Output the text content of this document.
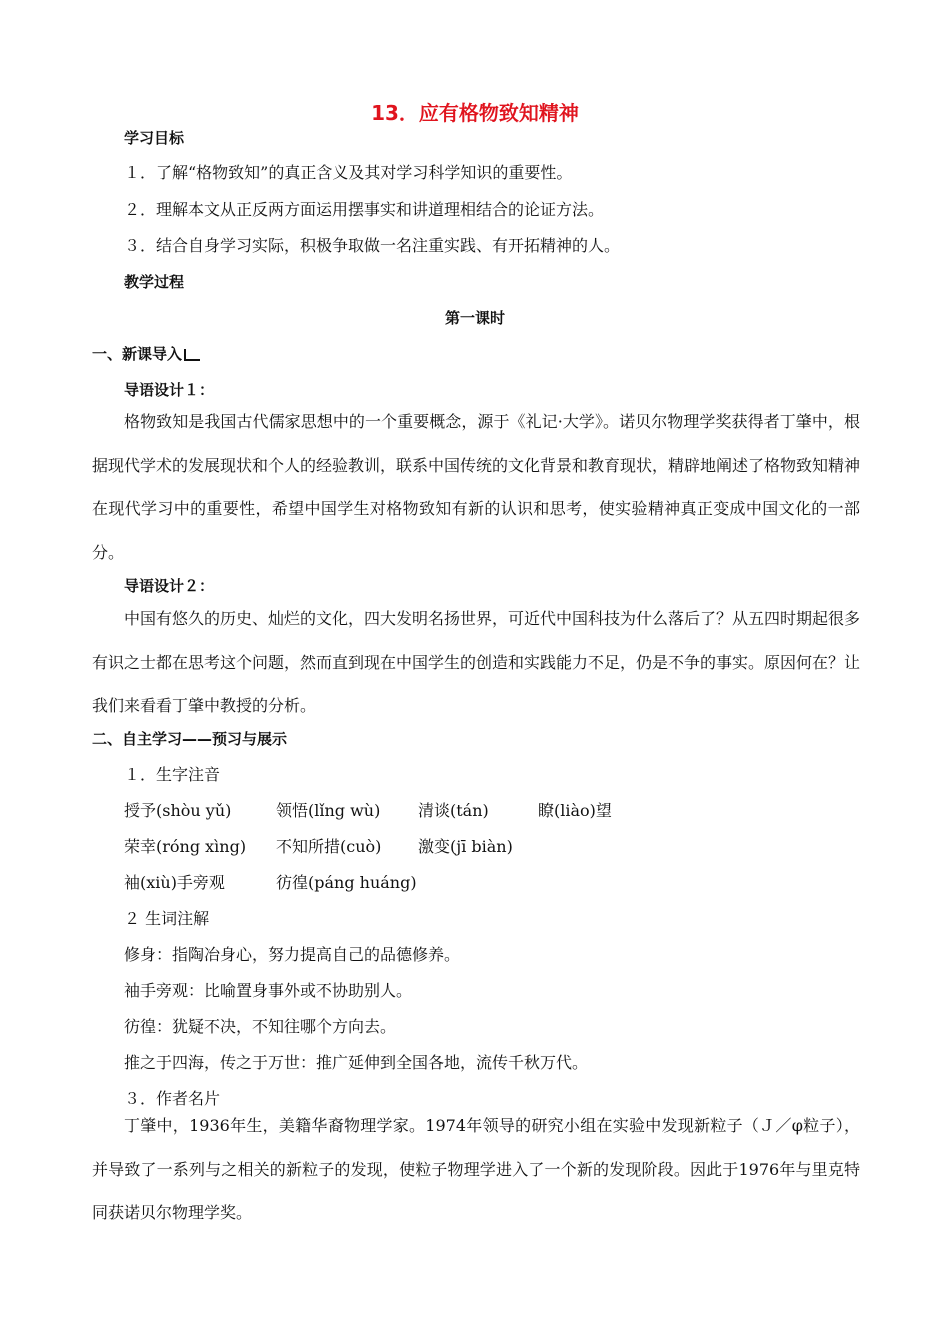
13．应有格物致知精神
学习目标
１．了解“格物致知”的真正含义及其对学习科学知识的重要性。
２．理解本文从正反两方面运用摆事实和讲道理相结合的论证方法。
３．结合自身学习实际，积极争取做一名注重实践、有开拓精神的人。
教学过程
第一课时
一、新课导入
导语设计１：
格物致知是我国古代儒家思想中的一个重要概念，源于《礼记·大学》。诺贝尔物理学奖获得者丁肇中，根据现代学术的发展现状和个人的经验教训，联系中国传统的文化背景和教育现状，精辟地阐述了格物致知精神在现代学习中的重要性，希望中国学生对格物致知有新的认识和思考，使实验精神真正变成中国文化的一部分。
导语设计２：
中国有悠久的历史、灿烂的文化，四大发明名扬世界，可近代中国科技为什么落后了？从五四时期起很多有识之士都在思考这个问题，然而直到现在中国学生的创造和实践能力不足，仍是不争的事实。原因何在？让我们来看看丁肇中教授的分析。
二、自主学习——预习与展示
１．生字注音
授予(shòu yǔ)	领悟(lǐng wù) 清谈(tán)	瞭(liào)望
荣幸(róng xìng) 不知所措(cuò) 激变(jī biàn)
袖(xiù)手旁观	彷徨(páng huáng)
２ 生词注解
修身：指陶冶身心，努力提高自己的品德修养。
袖手旁观：比喻置身事外或不协助别人。
彷徨：犹疑不决，不知往哪个方向去。
推之于四海，传之于万世：推广延伸到全国各地，流传千秋万代。
３．作者名片
丁肇中，1936年生，美籍华裔物理学家。1974年领导的研究小组在实验中发现新粒子（Ｊ／φ粒子），并导致了一系列与之相关的新粒子的发现，使粒子物理学进入了一个新的发现阶段。因此于1976年与里克特同获诺贝尔物理学奖。
